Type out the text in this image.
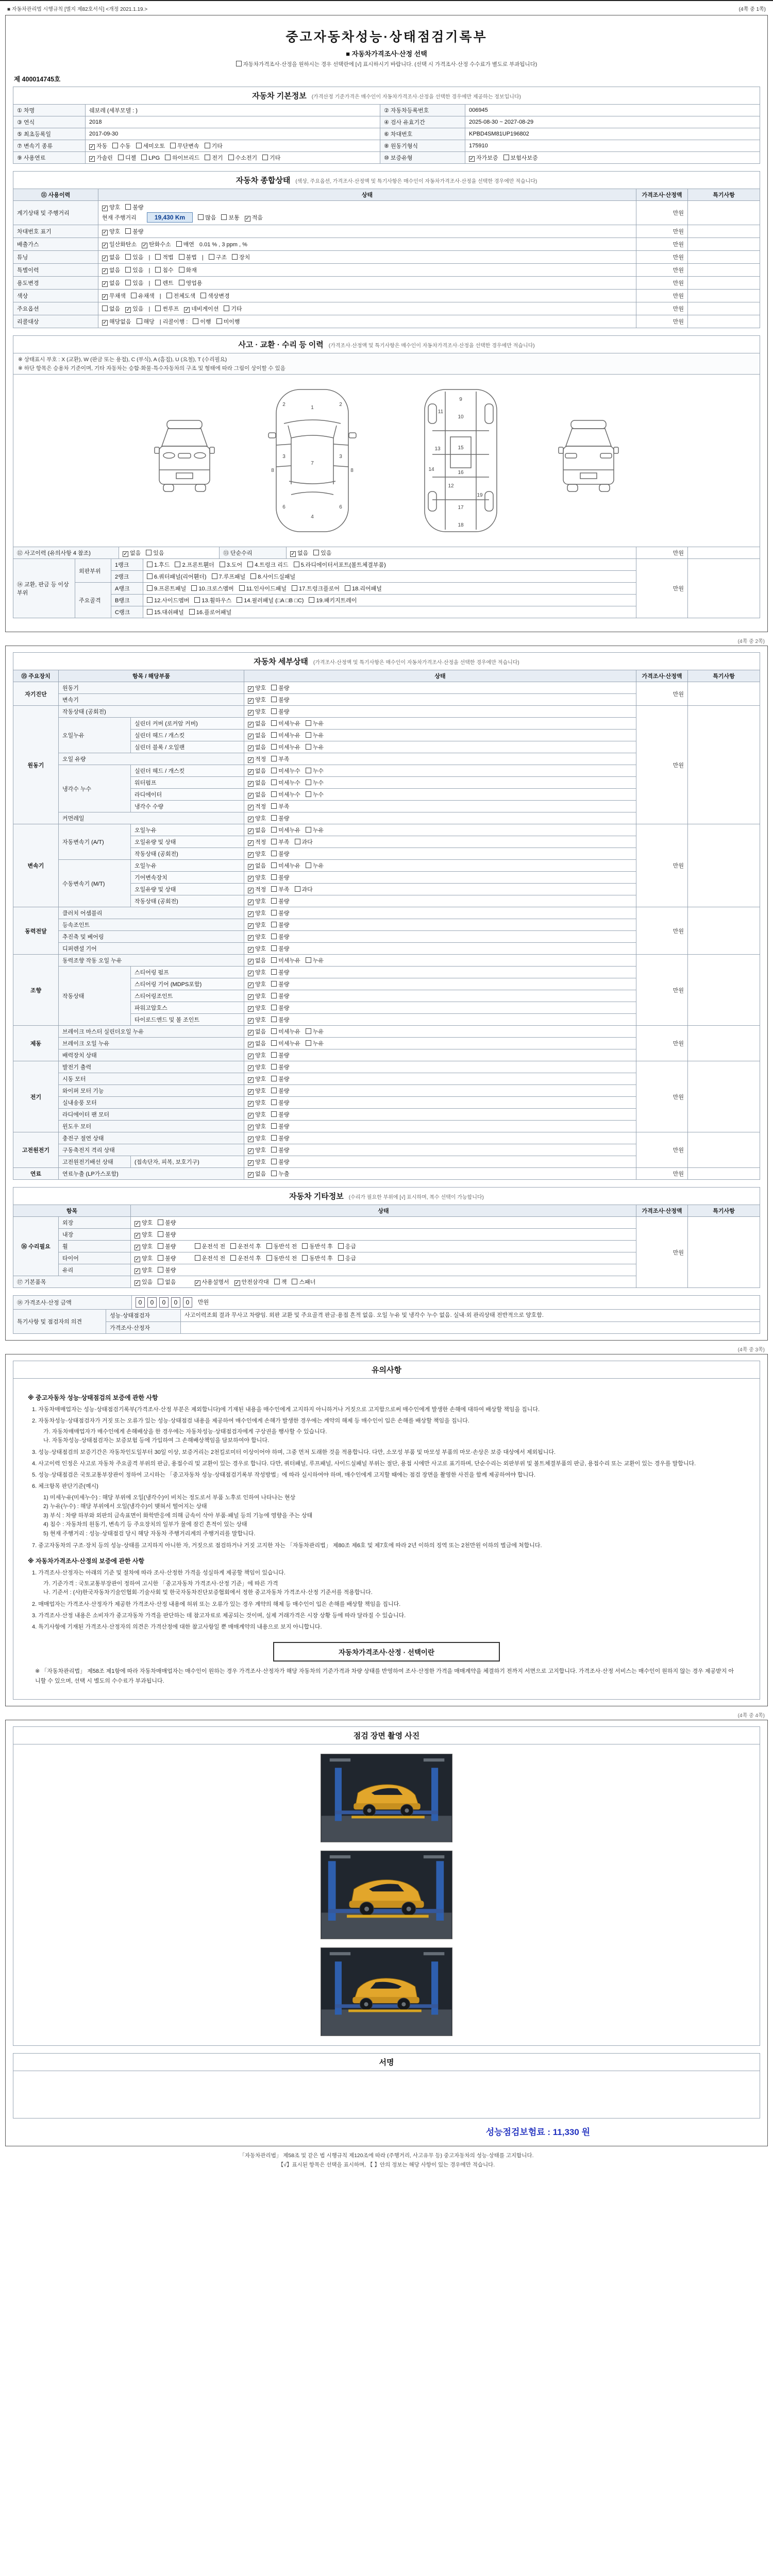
■ 자동차관리법 시행규칙 [별지 제82호서식] <개정 2021.1.19.>	(4쪽 중 1쪽)
중고자동차성능·상태점검기록부
■ 자동차가격조사·산정 선택
자동차가격조사·산정을 원하시는 경우 선택란에 [√] 표시하시기 바랍니다. (선택 시 가격조사·산정 수수료가 별도로 부과됩니다)
제 400014745호
자동차 기본정보 (가격산정 기준가격은 매수인이 자동차가격조사·산정을 선택한 경우에만 제공하는 정보입니다)			
① 차명	쉐보레 (세부모델 : )	② 자동차등록번호	006945
③ 연식	2018	④ 검사 유효기간	2025-08-30 ~ 2027-08-29
⑤ 최초등록일	2017-09-30	⑥ 차대번호	KPBD4SM81UP196802
⑦ 변속기 종류	✓ 자동 수동 세미오토 무단변속 기타	⑧ 원동기형식	175910
⑨ 사용연료	✓ 가솔린 디젤 LPG 하이브리드 전기 수소전기 기타	⑩ 보증유형	✓ 자가보증 보험사보증
자동차 종합상태 (색상, 주요옵션, 가격조사·산정액 및 특기사항은 매수인이 자동차가격조사·산정을 선택한 경우에만 적습니다)			
⑪ 사용이력	상태	가격조사·산정액	특기사항
계기상태 및 주행거리	✓ 양호 불량
현재 주행거리 19,430 Km 많음 보통 ✓ 적음	만원	
차대번호 표기	✓ 양호 불량	만원	
배출가스	✓ 일산화탄소 ✓ 탄화수소 매연 0.01 % , 3 ppm , %	만원	
튜닝	✓ 없음 있음 | 적법 불법 | 구조 장치	만원	
특별이력	✓ 없음 있음 | 침수 화재	만원	
용도변경	✓ 없음 있음 | 렌트 영업용	만원	
색상	✓ 무채색 유채색 | 전체도색 색상변경	만원	
주요옵션	없음 ✓ 있음 | 썬루프 ✓ 네비게이션 기타	만원	
리콜대상	✓ 해당없음 해당 | 리콜이행 : 이행 미이행	만원	
사고 · 교환 · 수리 등 이력 (가격조사·산정액 및 특기사항은 매수인이 자동차가격조사·산정을 선택한 경우에만 적습니다)

※ 상태표시 부호 : X (교환), W (판금 또는 용접), C (부식), A (흠집), U (요철), T (수리필요)
※ 하단 항목은 승용차 기준이며, 기타 자동차는 승합·화물·특수자동차의 구조 및 형태에 따라 그림이 상이할 수 있음

1
2	2
3	3
7
8	8
6	6
4
9
10
11
12
13
14
15
16
17
18
19
⑫ 사고이력 (유의사항 4 참조)	✓ 없음 있음	⑬ 단순수리	✓ 없음 있음	만원	
⑭ 교환, 판금 등 이상 부위	외판부위	1랭크	1.후드 2.프론트휀더 3.도어 4.트렁크 리드 5.라디에이터서포트(볼트체결부품)	만원	
		2랭크	6.쿼터패널(리어휀더) 7.루프패널 8.사이드실패널		
	주요골격	A랭크	9.프론트패널 10.크로스멤버 11.인사이드패널 17.트렁크플로어 18.리어패널		
		B랭크	12.사이드멤버 13.휠하우스 14.필러패널 (□A □B □C) 19.패키지트레이		
		C랭크	15.대쉬패널 16.플로어패널		
(4쪽 중 2쪽)
자동차 세부상태 (가격조사·산정액 및 특기사항은 매수인이 자동차가격조사·산정을 선택한 경우에만 적습니다)					
⑮ 주요장치	항목 / 해당부품		상태	가격조사·산정액	특기사항
자기진단	원동기		✓ 양호 불량	만원	
	변속기		✓ 양호 불량		
원동기	작동상태 (공회전)		✓ 양호 불량	만원	
	오일누유	실린더 커버 (로커암 커버)	✓ 없음 미세누유 누유		
		실린더 헤드 / 개스킷	✓ 없음 미세누유 누유		
		실린더 블록 / 오일팬	✓ 없음 미세누유 누유		
	오일 유량		✓ 적정 부족		
	냉각수 누수	실린더 헤드 / 개스킷	✓ 없음 미세누수 누수		
		워터펌프	✓ 없음 미세누수 누수		
		라디에이터	✓ 없음 미세누수 누수		
		냉각수 수량	✓ 적정 부족		
	커먼레일		✓ 양호 불량		
변속기	자동변속기 (A/T)	오일누유	✓ 없음 미세누유 누유	만원	
		오일유량 및 상태	✓ 적정 부족 과다		
		작동상태 (공회전)	✓ 양호 불량		
	수동변속기 (M/T)	오일누유	✓ 없음 미세누유 누유		
		기어변속장치	✓ 양호 불량		
		오일유량 및 상태	✓ 적정 부족 과다		
		작동상태 (공회전)	✓ 양호 불량		
동력전달	클러치 어셈블리		✓ 양호 불량	만원	
	등속조인트		✓ 양호 불량		
	추진축 및 베어링		✓ 양호 불량		
	디퍼렌셜 기어		✓ 양호 불량		
조향	동력조향 작동 오일 누유		✓ 없음 미세누유 누유	만원	
	작동상태	스티어링 펌프	✓ 양호 불량		
		스티어링 기어 (MDPS포함)	✓ 양호 불량		
		스티어링조인트	✓ 양호 불량		
		파워고압호스	✓ 양호 불량		
		타이로드엔드 및 볼 조인트	✓ 양호 불량		
제동	브레이크 마스터 실린더오일 누유		✓ 없음 미세누유 누유	만원	
	브레이크 오일 누유		✓ 없음 미세누유 누유		
	배력장치 상태		✓ 양호 불량		
전기	발전기 출력		✓ 양호 불량	만원	
	시동 모터		✓ 양호 불량		
	와이퍼 모터 기능		✓ 양호 불량		
	실내송풍 모터		✓ 양호 불량		
	라디에이터 팬 모터		✓ 양호 불량		
	윈도우 모터		✓ 양호 불량		
고전원전기	충전구 절연 상태		✓ 양호 불량	만원	
	구동축전지 격리 상태		✓ 양호 불량		
	고전원전기배선 상태	(접속단자, 피복, 보호기구)	✓ 양호 불량		
연료	연료누출 (LP가스포함)		✓ 없음 누출	만원	
자동차 기타정보 (수리가 필요한 부위에 [√] 표시하며, 복수 선택이 가능합니다)				
항목		상태	가격조사·산정액	특기사항
⑯ 수리필요	외장	✓ 양호 불량	만원	
	내장	✓ 양호 불량		
	휠	✓ 양호 불량 운전석 전 운전석 후 동반석 전 동반석 후 응급		
	타이어	✓ 양호 불량 운전석 전 운전석 후 동반석 전 동반석 후 응급		
	유리	✓ 양호 불량		
⑰ 기본품목		✓ 있음 없음 ✓ 사용설명서 ✓ 안전삼각대 잭 스패너		
⑱ 가격조사·산정 금액	0 0 0 0 0 만원
특기사항 및 점검자의 의견	성능·상태점검자	사고이력조회 결과 무사고 차량임. 외판 교환 및 주요골격 판금·용접 흔적 없음. 오일 누유 및 냉각수 누수 없음. 실내·외 관리상태 전반적으로 양호함.
	가격조사·산정자	
(4쪽 중 3쪽)
유의사항
※ 중고자동차 성능·상태점검의 보증에 관한 사항
1. 자동차매매업자는 성능·상태점검기록부(가격조사·산정 부분은 제외합니다)에 기재된 내용을 매수인에게 고지하지 아니하거나 거짓으로 고지함으로써 매수인에게 발생한 손해에 대하여 배상할 책임을 집니다.
2. 자동차성능·상태점검자가 거짓 또는 오류가 있는 성능·상태점검 내용을 제공하여 매수인에게 손해가 발생한 경우에는 계약의 해제 등 매수인이 입은 손해를 배상할 책임을 집니다.
가. 자동차매매업자가 매수인에게 손해배상을 한 경우에는 자동차성능·상태점검자에게 구상권을 행사할 수 있습니다.
나. 자동차성능·상태점검자는 보증보험 등에 가입하여 그 손해배상책임을 담보하여야 합니다.
3. 성능·상태점검의 보증기간은 자동차인도일부터 30일 이상, 보증거리는 2천킬로미터 이상이어야 하며, 그중 먼저 도래한 것을 적용합니다. 다만, 소모성 부품 및 마모성 부품의 마모·손상은 보증 대상에서 제외됩니다.
4. 사고이력 인정은 사고로 자동차 주요골격 부위의 판금, 용접수리 및 교환이 있는 경우로 합니다. 다만, 쿼터패널, 루프패널, 사이드실패널 부위는 절단, 용접 시에만 사고로 표기하며, 단순수리는 외판부위 및 볼트체결부품의 판금, 용접수리 또는 교환이 있는 경우를 말합니다.
5. 성능·상태점검은 국토교통부장관이 정하여 고시하는 「중고자동차 성능·상태점검기록부 작성방법」에 따라 실시하여야 하며, 매수인에게 고지할 때에는 점검 장면을 촬영한 사진을 함께 제공하여야 합니다.
6. 체크항목 판단기준(예시)
1) 미세누유(미세누수) : 해당 부위에 오일(냉각수)이 비치는 정도로서 부품 노후로 인하여 나타나는 현상
2) 누유(누수) : 해당 부위에서 오일(냉각수)이 맺혀서 떨어지는 상태
3) 부식 : 차량 하부와 외판의 금속표면이 화학반응에 의해 금속이 삭아 부품·패널 등의 기능에 영향을 주는 상태
4) 침수 : 자동차의 원동기, 변속기 등 주요장치의 일부가 물에 잠긴 흔적이 있는 상태
5) 현재 주행거리 : 성능·상태점검 당시 해당 자동차 주행거리계의 주행거리를 말합니다.
7. 중고자동차의 구조·장치 등의 성능·상태를 고지하지 아니한 자, 거짓으로 점검하거나 거짓 고지한 자는 「자동차관리법」 제80조 제6호 및 제7호에 따라 2년 이하의 징역 또는 2천만원 이하의 벌금에 처합니다.
※ 자동차가격조사·산정의 보증에 관한 사항
1. 가격조사·산정자는 아래의 기준 및 절차에 따라 조사·산정한 가격을 성실하게 제공할 책임이 있습니다.
가. 기준가격 : 국토교통부장관이 정하여 고시한 「중고자동차 가격조사·산정 기준」에 따른 가격
나. 기준서 : (사)한국자동차기술인협회·기술사회 및 한국자동차진단보증협회에서 정한 중고자동차 가격조사·산정 기준서를 적용합니다.
2. 매매업자는 가격조사·산정자가 제공한 가격조사·산정 내용에 허위 또는 오류가 있는 경우 계약의 해제 등 매수인이 입은 손해를 배상할 책임을 집니다.
3. 가격조사·산정 내용은 소비자가 중고자동차 가격을 판단하는 데 참고자료로 제공되는 것이며, 실제 거래가격은 시장 상황 등에 따라 달라질 수 있습니다.
4. 특기사항에 기재된 가격조사·산정자의 의견은 가격산정에 대한 참고사항일 뿐 매매계약의 내용으로 보지 아니합니다.
자동차가격조사·산정 · 선택이란
※ 「자동차관리법」 제58조 제1항에 따라 자동차매매업자는 매수인이 원하는 경우 가격조사·산정자가 해당 자동차의 기준가격과 차량 상태를 반영하여 조사·산정한 가격을 매매계약을 체결하기 전까지 서면으로 고지합니다. 가격조사·산정 서비스는 매수인이 원하지 않는 경우 제공받지 아니할 수 있으며, 선택 시 별도의 수수료가 부과됩니다.
(4쪽 중 4쪽)
점검 장면 촬영 사진
서명
성능점검보험료 : 11,330 원
「자동차관리법」 제58조 및 같은 법 시행규칙 제120조에 따라 (주행거리, 사고유무 등) 중고자동차의 성능·상태를 고지합니다.
【√】표시된 항목은 선택을 표시하며, 【 】안의 정보는 해당 사항이 있는 경우에만 적습니다.
